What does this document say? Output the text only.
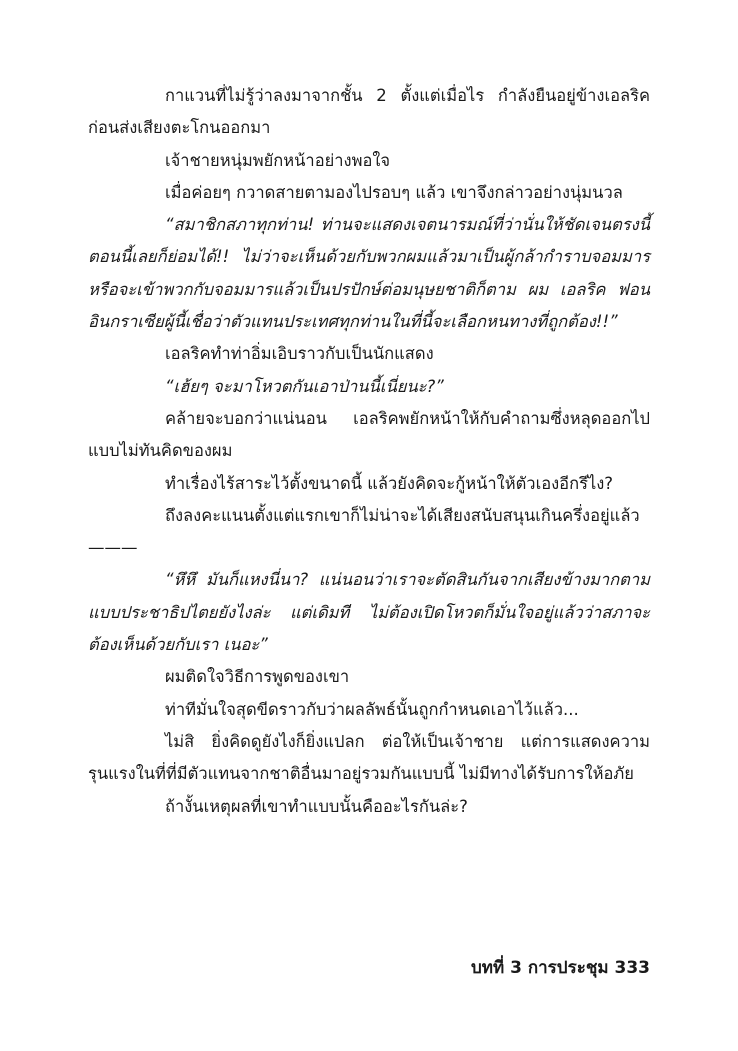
กาแวนที่ไม่รู้ว่าลงมาจากชั้น 2 ตั้งแต่เมื่อไร กำลังยืนอยู่ข้างเอลริคก่อนส่งเสียงตะโกนออกมา

เจ้าชายหนุ่มพยักหน้าอย่างพอใจ

เมื่อค่อยๆ กวาดสายตามองไปรอบๆ แล้ว เขาจึงกล่าวอย่างนุ่มนวล

“สมาชิกสภาทุกท่าน! ท่านจะแสดงเจตนารมณ์ที่ว่านั่นให้ชัดเจนตรงนี้ ตอนนี้เลยก็ย่อมได้!! ไม่ว่าจะเห็นด้วยกับพวกผมแล้วมาเป็นผู้กล้ากำราบจอมมาร หรือจะเข้าพวกกับจอมมารแล้วเป็นปรปักษ์ต่อมนุษยชาติก็ตาม ผม เอลริค ฟอน อินกราเซียผู้นี้เชื่อว่าตัวแทนประเทศทุกท่านในที่นี้จะเลือกหนทางที่ถูกต้อง!!”

เอลริคทำท่าอิ่มเอิบราวกับเป็นนักแสดง

“เฮ้ยๆ จะมาโหวตกันเอาป่านนี้เนี่ยนะ?”

คล้ายจะบอกว่าแน่นอน เอลริคพยักหน้าให้กับคำถามซึ่งหลุดออกไปแบบไม่ทันคิดของผม

ทำเรื่องไร้สาระไว้ตั้งขนาดนี้ แล้วยังคิดจะกู้หน้าให้ตัวเองอีกรึไง?

ถึงลงคะแนนตั้งแต่แรกเขาก็ไม่น่าจะได้เสียงสนับสนุนเกินครึ่งอยู่แล้ว———

“หึหึ มันก็แหงนี่นา? แน่นอนว่าเราจะตัดสินกันจากเสียงข้างมากตามแบบประชาธิปไตยยังไงล่ะ แต่เดิมที ไม่ต้องเปิดโหวตก็มั่นใจอยู่แล้วว่าสภาจะต้องเห็นด้วยกับเรา เนอะ”

ผมติดใจวิธีการพูดของเขา

ท่าทีมั่นใจสุดขีดราวกับว่าผลลัพธ์นั้นถูกกำหนดเอาไว้แล้ว...

ไม่สิ ยิ่งคิดดูยังไงก็ยิ่งแปลก ต่อให้เป็นเจ้าชาย แต่การแสดงความรุนแรงในที่ที่มีตัวแทนจากชาติอื่นมาอยู่รวมกันแบบนี้ ไม่มีทางได้รับการให้อภัย

ถ้างั้นเหตุผลที่เขาทำแบบนั้นคืออะไรกันล่ะ?

บทที่ 3 การประชุม 333
